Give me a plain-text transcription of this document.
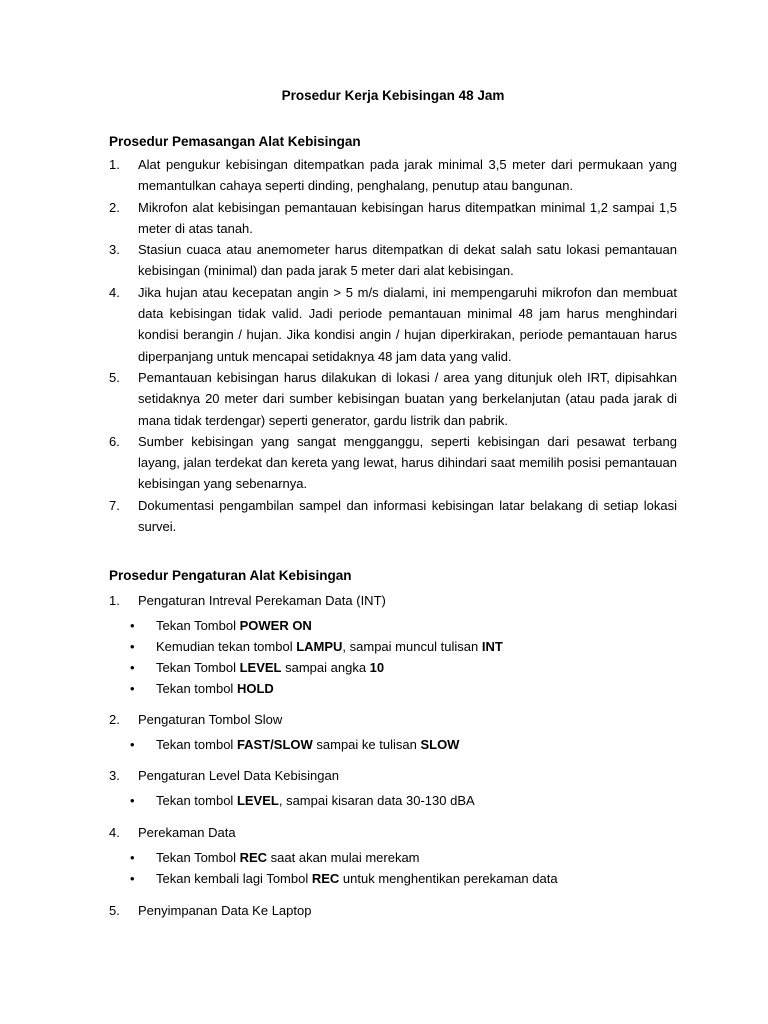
Prosedur Kerja Kebisingan 48 Jam
Prosedur Pemasangan Alat Kebisingan
1. Alat pengukur kebisingan ditempatkan pada jarak minimal 3,5 meter dari permukaan yang memantulkan cahaya seperti dinding, penghalang, penutup atau bangunan.
2. Mikrofon alat kebisingan pemantauan kebisingan harus ditempatkan minimal 1,2 sampai 1,5 meter di atas tanah.
3. Stasiun cuaca atau anemometer harus ditempatkan di dekat salah satu lokasi pemantauan kebisingan (minimal) dan pada jarak 5 meter dari alat kebisingan.
4. Jika hujan atau kecepatan angin > 5 m/s dialami, ini mempengaruhi mikrofon dan membuat data kebisingan tidak valid. Jadi periode pemantauan minimal 48 jam harus menghindari kondisi berangin / hujan. Jika kondisi angin / hujan diperkirakan, periode pemantauan harus diperpanjang untuk mencapai setidaknya 48 jam data yang valid.
5. Pemantauan kebisingan harus dilakukan di lokasi / area yang ditunjuk oleh IRT, dipisahkan setidaknya 20 meter dari sumber kebisingan buatan yang berkelanjutan (atau pada jarak di mana tidak terdengar) seperti generator, gardu listrik dan pabrik.
6. Sumber kebisingan yang sangat mengganggu, seperti kebisingan dari pesawat terbang layang, jalan terdekat dan kereta yang lewat, harus dihindari saat memilih posisi pemantauan kebisingan yang sebenarnya.
7. Dokumentasi pengambilan sampel dan informasi kebisingan latar belakang di setiap lokasi survei.
Prosedur Pengaturan Alat Kebisingan
1. Pengaturan Intreval Perekaman Data (INT)
• Tekan Tombol POWER ON
• Kemudian tekan tombol LAMPU, sampai muncul tulisan INT
• Tekan Tombol LEVEL sampai angka 10
• Tekan tombol HOLD
2. Pengaturan Tombol Slow
• Tekan tombol FAST/SLOW sampai ke tulisan SLOW
3. Pengaturan Level Data Kebisingan
• Tekan tombol LEVEL, sampai kisaran data 30-130 dBA
4. Perekaman Data
• Tekan Tombol REC saat akan mulai merekam
• Tekan kembali lagi Tombol REC untuk menghentikan perekaman data
5. Penyimpanan Data Ke Laptop
